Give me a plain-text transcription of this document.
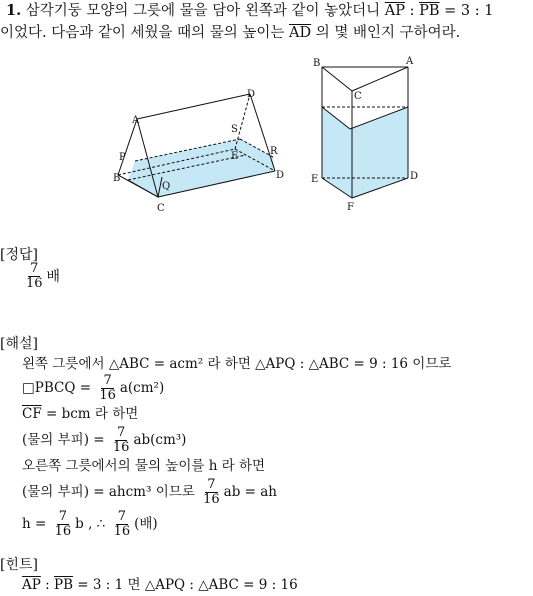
1. 삼각기둥 모양의 그릇에 물을 담아 왼쪽과 같이 놓았더니 $\overline{AP}$ : $\overline{PB} = 3$ : 1
이었다. 다음과 같이 세웠을 때의 물의 높이는 $\overline{AD}$ 의 몇 배인지 구하여라.
A
D
S
R
P
B
E
Q
C
D
B	A
C
E	D
F
[정답]
$\frac{7}{16}$ 배
[해설]
왼쪽 그릇에서 △ABC = acm² 라 하면 △APQ : △ABC = 9 : 16 이므로
□PBCQ = $\frac{7}{16} a(cm^2)$
$\overline{CF}$ = bcm 라 하면
(물의 부피) = $\frac{7}{16} ab(cm^3)$
오른쪽 그릇에서의 물의 높이를 h 라 하면
(물의 부피) = ahcm³ 이므로 $\frac{7}{16}$ ab = ah
$h = \frac{7}{16}$ b , ∴ $\frac{7}{16}$ (배)
[힌트]
$\overline{AP}$ : $\overline{PB} = 3$ : 1 면 △APQ : △ABC = 9 : 16
